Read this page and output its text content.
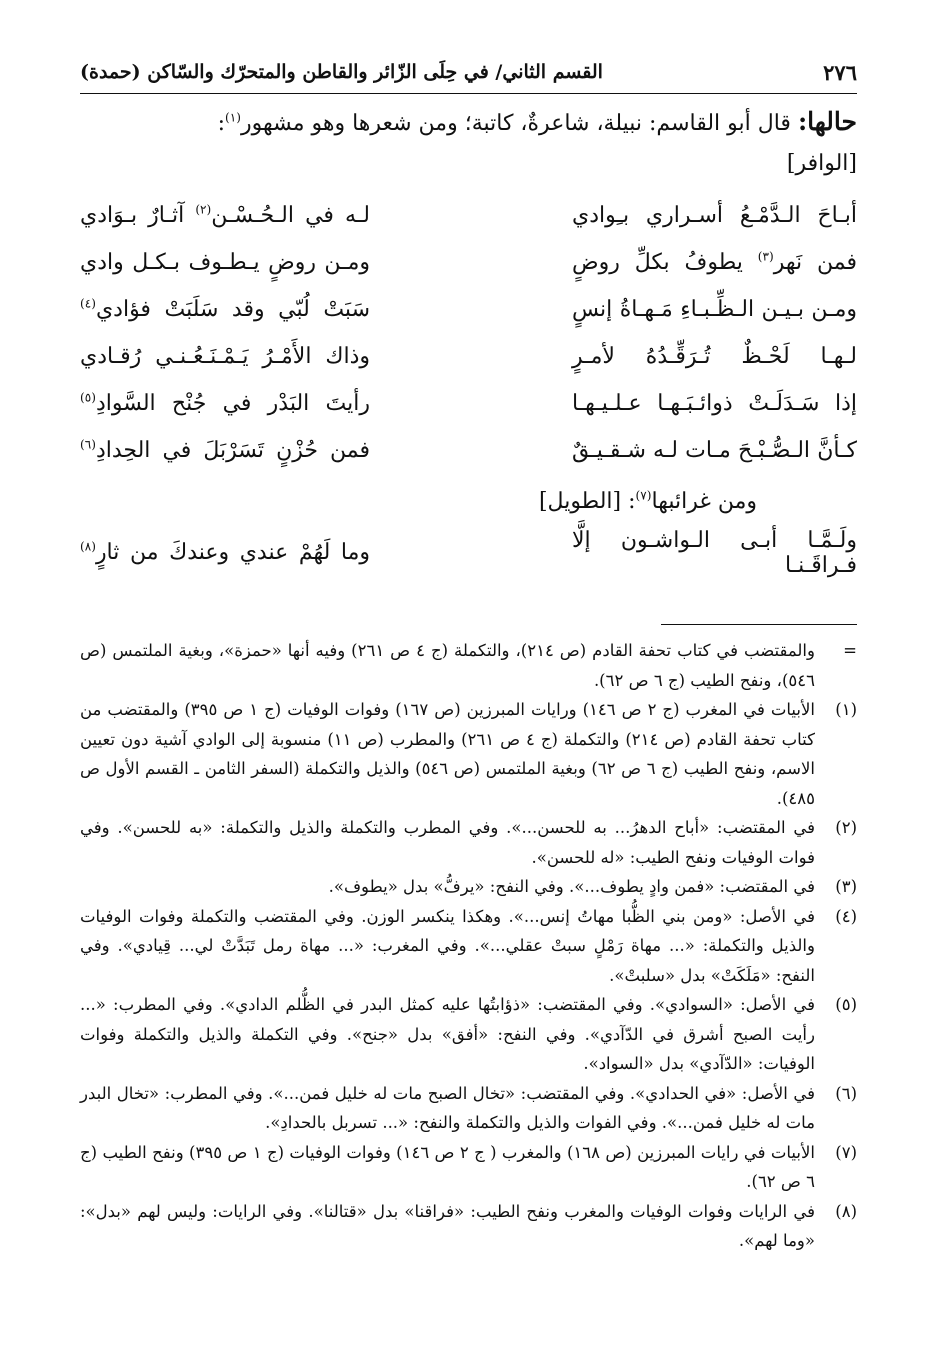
٢٧٦
القسم الثاني/ في حِلَى الزّائر والقاطن والمتحرّك والسّاكن (حمدة)
حالها: قال أبو القاسم: نبيلة، شاعرةٌ، كاتبة؛ ومن شعرها وهو مشهور$^{(١)}$:
[الوافر]
أبـاحَ الـدَّمْـعُ أسـراري بـِوادي
لـه في الـحُـسْـن$^{(٢)}$ آثـارٌ بـوَادي
فمن نَهر$^{(٣)}$ يطوفُ بكلِّ روضٍ
ومـن روضٍ يـطـوف بـكـل وادي
ومـن بـيـن الـظِّـبـاءِ مَـهـاةُ إنسٍ
سَبَتْ لُبّي وقد سَلَبَتْ فؤادي$^{(٤)}$
لـهـا لَحْـظٌ تُـرَقِّـدُهُ لأمـرٍ
وذاك الأَمْـرُ يَـمْـنَـعُـنـي رُقـادي
إذا سَـدَلَـتْ ذوائـبَـهـا عـلـيـهـا
رأيتَ البَدْر في جُنْح السَّوادِ$^{(٥)}$
كـأنَّ الـصُّـبْـحَ مـات لـه شـقـيـقٌ
فمن حُزْنٍ تَسَرْبَلَ في الحِدادِ$^{(٦)}$
ومن غرائبها$^{(٧)}$: [الطويل]
ولَـمَّـا أبـى الـواشـون إلَّا فـراقَـنـا
وما لَهُمْ عندي وعندكَ من ثارٍ$^{(٨)}$
=
والمقتضب في كتاب تحفة القادم (ص ٢١٤)، والتكملة (ج ٤ ص ٢٦١) وفيه أنها «حمزة»، وبغية الملتمس (ص ٥٤٦)، ونفح الطيب (ج ٦ ص ٦٢).
(١)
الأبيات في المغرب (ج ٢ ص ١٤٦) ورايات المبرزين (ص ١٦٧) وفوات الوفيات (ج ١ ص ٣٩٥) والمقتضب من كتاب تحفة القادم (ص ٢١٤) والتكملة (ج ٤ ص ٢٦١) والمطرب (ص ١١) منسوبة إلى الوادي آشية دون تعيين الاسم، ونفح الطيب (ج ٦ ص ٦٢) وبغية الملتمس (ص ٥٤٦) والذيل والتكملة (السفر الثامن ـ القسم الأول ص ٤٨٥).
(٢)
في المقتضب: «أباح الدهرُ... به للحسن...». وفي المطرب والتكملة والذيل والتكملة: «به للحسن». وفي فوات الوفيات ونفح الطيب: «له للحسن».
(٣)
في المقتضب: «فمن وادٍ يطوف...». وفي النفح: «يرفُّ» بدل «يطوف».
(٤)
في الأصل: «ومن بني الظُّبا مهاتُ إنس...». وهكذا ينكسر الوزن. وفي المقتضب والتكملة وفوات الوفيات والذيل والتكملة: «... مهاة رَمْلٍ سبتْ عقلي...». وفي المغرب: «... مهاة رمل تَبَدَّتْ لي... قِيادي». وفي النفح: «مَلَكَتْ» بدل «سلبتْ».
(٥)
في الأصل: «السوادي». وفي المقتضب: «ذؤابتُها عليه كمثل البدر في الظُّلم الدادي». وفي المطرب: «... رأيت الصبح أشرق في الدّآدي». وفي النفح: «أفق» بدل «جنح». وفي التكملة والذيل والتكملة وفوات الوفيات: «الدّآدي» بدل «السواد».
(٦)
في الأصل: «في الحدادي». وفي المقتضب: «تخال الصبح مات له خليل فمن...». وفي المطرب: «تخال البدر مات له خليل فمن...». وفي الفوات والذيل والتكملة والنفح: «... تسربل بالحدادِ».
(٧)
الأبيات في رايات المبرزين (ص ١٦٨) والمغرب ( ج ٢ ص ١٤٦) وفوات الوفيات (ج ١ ص ٣٩٥) ونفح الطيب (ج ٦ ص ٦٢).
(٨)
في الرايات وفوات الوفيات والمغرب ونفح الطيب: «فراقنا» بدل «قتالنا». وفي الرايات: وليس لهم «بدل»: «وما لهم».
